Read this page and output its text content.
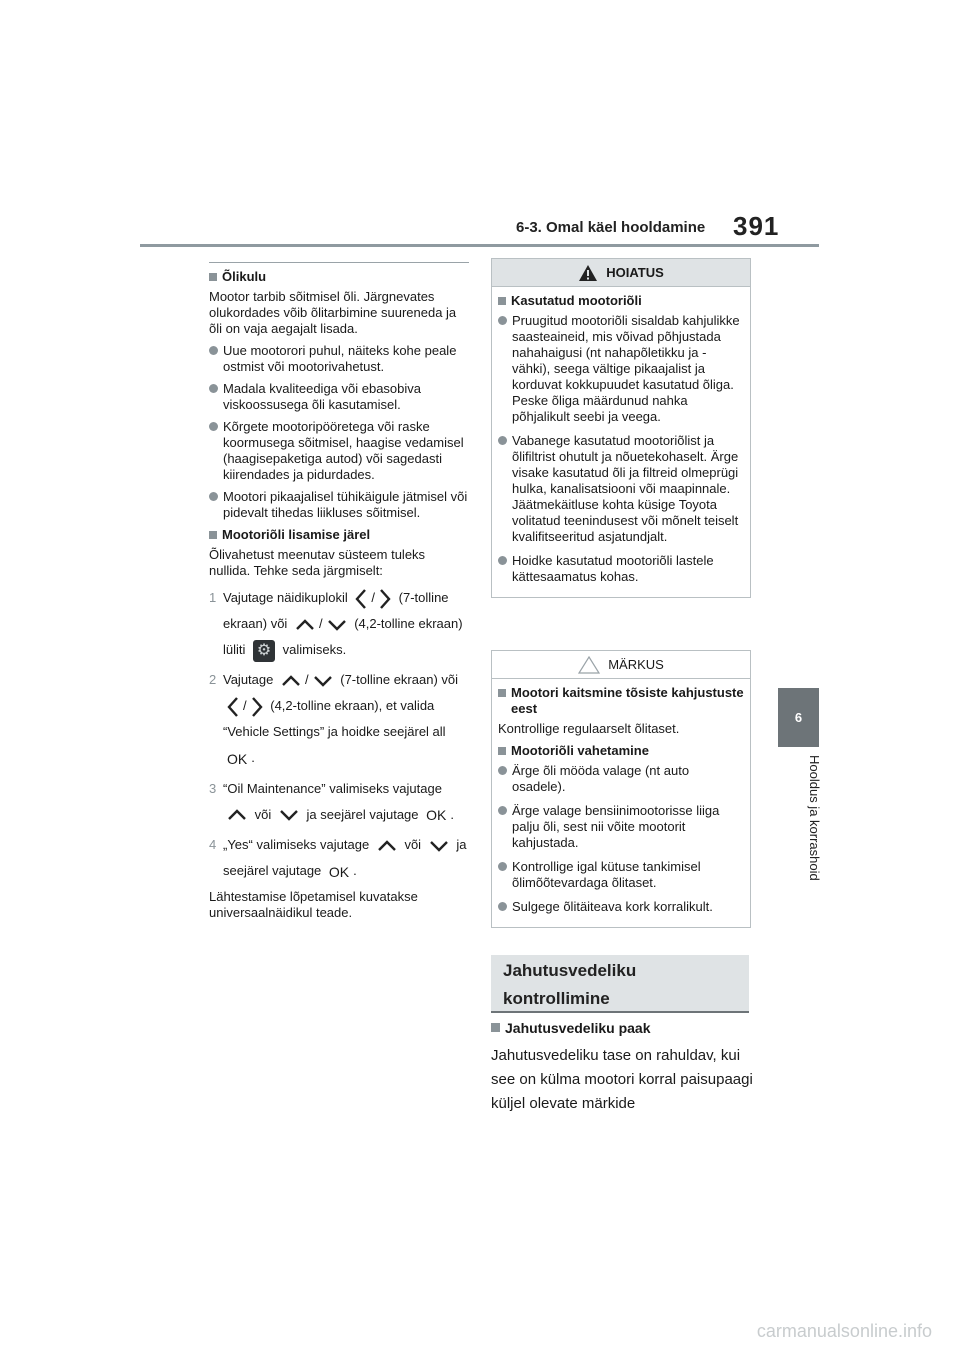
6-3. Omal käel hooldamine 391
6
Hooldus ja korrashoid
Õlikulu

Mootor tarbib sõitmisel õli. Järgnevates olukordades võib õlitarbimine suureneda ja õli on vaja aegajalt lisada.

Uue mootorori puhul, näiteks kohe peale ostmist või mootorivahetust.
Madala kvaliteediga või ebasobiva viskoossusega õli kasutamisel.
Kõrgete mootoripööretega või raske koormusega sõitmisel, haagise vedamisel (haagisepaketiga autod) või sagedasti kiirendades ja pidurdades.
Mootori pikaajalisel tühikäigule jätmisel või pidevalt tihedas liikluses sõitmisel.
Mootoriõli lisamise järel

Õlivahetust meenutav süsteem tuleks nullida. Tehke seda järgmiselt:

1 Vajutage näidikuplokil / (7-tolline ekraan) või / (4,2-tolline ekraan) lüliti ⚙ valimiseks.
2 Vajutage / (7-tolline ekraan) või / (4,2-tolline ekraan), et valida “Vehicle Settings” ja hoidke seejärel all OK .
3 “Oil Maintenance” valimiseks vajutage  või	ja seejärel vajutage OK .
4 „Yes“ valimiseks vajutage	või	ja seejärel vajutage OK .

Lähtestamise lõpetamisel kuvatakse universaalnäidikul teade.

HOIATUS
Kasutatud mootoriõli
Pruugitud mootoriõli sisaldab kahjulikke saasteaineid, mis võivad põhjustada nahahaigusi (nt nahapõletikku ja -vähki), seega vältige pikaajalist ja korduvat kokkupuudet kasutatud õliga. Peske õliga määrdunud nahka põhjalikult seebi ja veega.
Vabanege kasutatud mootoriõlist ja õlifiltrist ohutult ja nõuetekohaselt. Ärge visake kasutatud õli ja filtreid olmeprügi hulka, kanalisatsiooni või maapinnale. Jäätmekäitluse kohta küsige Toyota volitatud teenindusest või mõnelt teiselt kvalifitseeritud asjatundjalt.
Hoidke kasutatud mootoriõli lastele kättesaamatus kohas.
MÄRKUS
Mootori kaitsmine tõsiste kahjustuste eest

Kontrollige regulaarselt õlitaset.

Mootoriõli vahetamine
Ärge õli mööda valage (nt auto osadele).
Ärge valage bensiinimootorisse liiga palju õli, sest nii võite mootorit kahjustada.
Kontrollige igal kütuse tankimisel õlimõõtevardaga õlitaset.
Sulgege õlitäiteava kork korralikult.
Jahutusvedeliku
kontrollimine
Jahutusvedeliku paak

Jahutusvedeliku tase on rahuldav, kui see on külma mootori korral paisupaagi küljel olevate märkide

carmanualsonline.info
